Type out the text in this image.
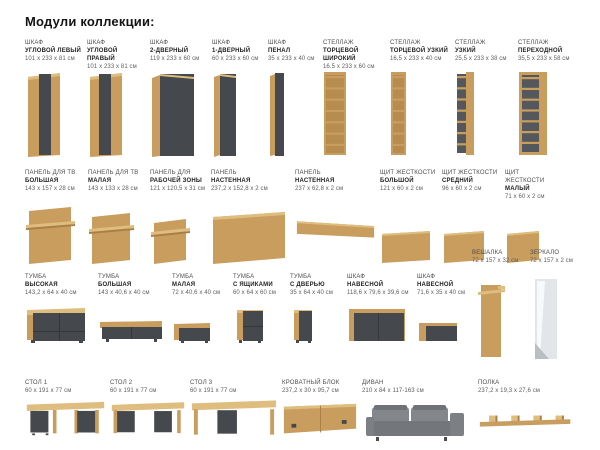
Модули коллекции:
ШКАФ
УГЛОВОЙ ЛЕВЫЙ
101 х 233 х 81 см
ШКАФ
УГЛОВОЙ ПРАВЫЙ
101 х 233 х 81 см
ШКАФ
2-ДВЕРНЫЙ
119 х 233 х 60 см
ШКАФ
1-ДВЕРНЫЙ
60 х 233 х 60 см
ШКАФ
ПЕНАЛ
35 х 233 х 40 см
СТЕЛЛАЖ
ТОРЦЕВОЙ ШИРОКИЙ
16.5 х 233 х 60 см
СТЕЛЛАЖ
ТОРЦЕВОЙ УЗКИЙ
16,5 х 233 х 40 см
СТЕЛЛАЖ
УЗКИЙ
25,5 х 233 х 38 см
СТЕЛЛАЖ
ПЕРЕХОДНОЙ
35,5 х 233 х 58 см
ПАНЕЛЬ ДЛЯ ТВ
БОЛЬШАЯ
143 х 157 х 28 см
ПАНЕЛЬ ДЛЯ ТВ
МАЛАЯ
143 х 133 х 28 см
ПАНЕЛЬ ДЛЯ
РАБОЧЕЙ ЗОНЫ
121 х 120,5 х 31 см
ПАНЕЛЬ
НАСТЕННАЯ
237,2 х 152,8 х 2 см
ПАНЕЛЬ
НАСТЕННАЯ
237 х 62,8 х 2 см
ЩИТ ЖЕСТКОСТИ
БОЛЬШОЙ
121 х 60 х 2 см
ЩИТ ЖЕСТКОСТИ
СРЕДНИЙ
96 х 60 х 2 см
ЩИТ ЖЕСТКОСТИ
МАЛЫЙ
71 х 60 х 2 см
ТУМБА
ВЫСОКАЯ
143,2 х 64 х 40 см
ТУМБА
БОЛЬШАЯ
143 х 40,6 х 40 см
ТУМБА
МАЛАЯ
72 х 40,6 х 40 см
ТУМБА
С ЯЩИКАМИ
60 х 64 х 60 см
ТУМБА
С ДВЕРЬЮ
35 х 64 х 40 см
ШКАФ
НАВЕСНОЙ
118,6 х 79,6 х 39,6 см
ШКАФ
НАВЕСНОЙ
71,6 х 35 х 40 см
ВЕШАЛКА
72 х 157 х 32 см
ЗЕРКАЛО
72 х 157 х 2 см
СТОЛ 1
60 х 191 х 77 см
СТОЛ 2
60 х 191 х 77 см
СТОЛ 3
60 х 191 х 77 см
КРОВАТНЫЙ БЛОК
237,2 х 30 х 95,7 см
ДИВАН
210 х 84 х 117-163 см
ПОЛКА
237,2 х 19,3 х 27,6 см
